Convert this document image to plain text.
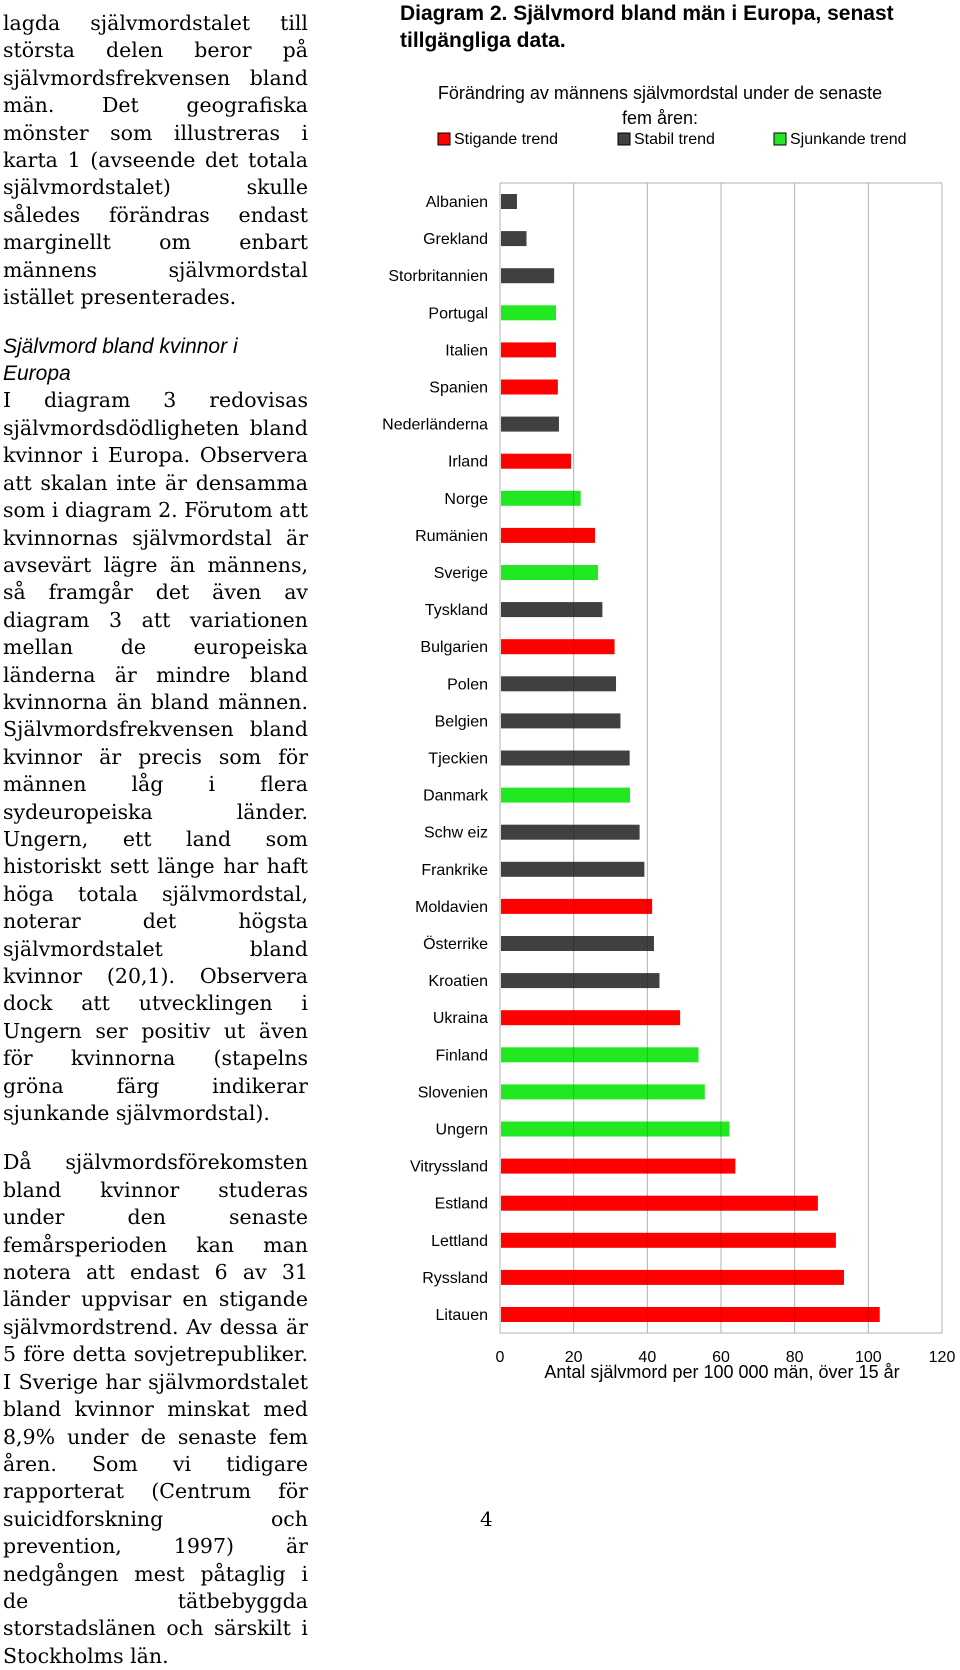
lagda självmordstalet till största delen beror på självmordsfrekvensen bland män. Det geografiska mönster som illustreras i karta 1 (avseende det totala självmordstalet) skulle således förändras endast marginellt om enbart männens självmordstal istället presenterades.

Självmord bland kvinnor i Europa

I diagram 3 redovisas självmordsdödligheten bland kvinnor i Europa. Observera att skalan inte är densamma som i diagram 2. Förutom att kvinnornas självmordstal är avsevärt lägre än männens, så framgår det även av diagram 3 att variationen mellan de europeiska länderna är mindre bland kvinnorna än bland männen. Självmordsfrekvensen bland kvinnor är precis som för männen låg i flera sydeuropeiska länder. Ungern, ett land som historiskt sett länge har haft höga totala självmordstal, noterar det högsta självmordstalet bland kvinnor (20,1). Observera dock att utvecklingen i Ungern ser positiv ut även för kvinnorna (stapelns gröna färg indikerar sjunkande självmordstal).

Då självmordsförekomsten bland kvinnor studeras under den senaste femårsperioden kan man notera att endast 6 av 31 länder uppvisar en stigande självmordstrend. Av dessa är 5 före detta sovjetrepubliker. I Sverige har självmordstalet bland kvinnor minskat med 8,9% under de senaste fem åren. Som vi tidigare rapporterat (Centrum för suicidforskning och prevention, 1997) är nedgången mest påtaglig i de tätbebyggda storstadslänen och särskilt i Stockholms län.

Diagram 2. Självmord bland män i Europa, senast tillgängliga data.

Albanien
Grekland
Storbritannien
Portugal
Italien
Spanien
Nederländerna
Irland
Norge
Rumänien
Sverige
Tyskland
Bulgarien
Polen
Belgien
Tjeckien
Danmark
Schw eiz
Frankrike
Moldavien
Österrike
Kroatien
Ukraina
Finland
Slovenien
Ungern
Vitryssland
Estland
Lettland
Ryssland
Litauen
0	20	40	60	80	100	120
Stigande trend	Stabil trend	Sjunkande trend
Förändring av männens självmordstal under de senaste fem åren:
Antal självmord per 100 000 män, över 15 år

4
